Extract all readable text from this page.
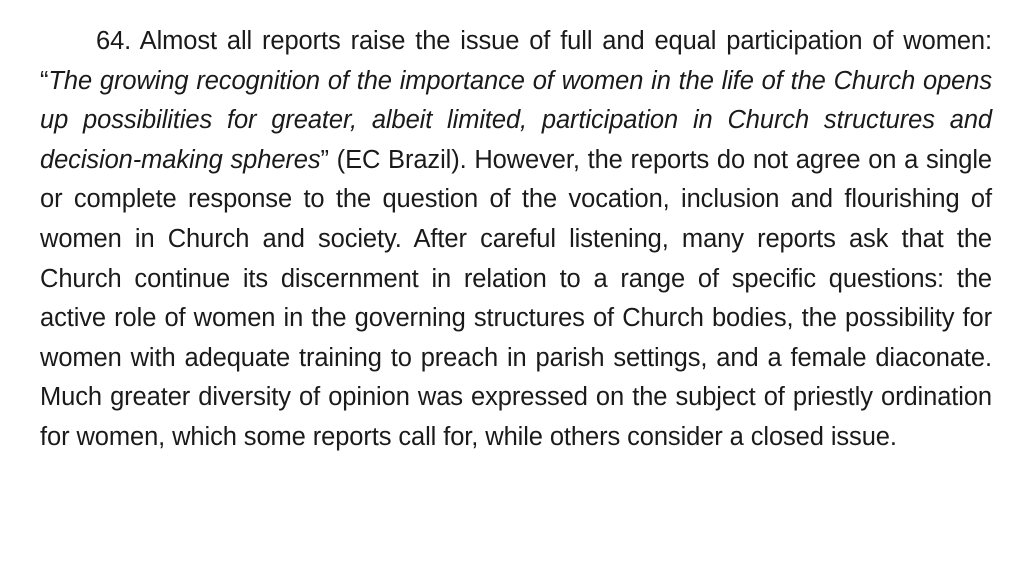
64. Almost all reports raise the issue of full and equal participation of women: “The growing recognition of the importance of women in the life of the Church opens up possibilities for greater, albeit limited, participation in Church structures and decision-making spheres” (EC Brazil). However, the reports do not agree on a single or complete response to the question of the vocation, inclusion and flourishing of women in Church and society. After careful listening, many reports ask that the Church continue its discernment in relation to a range of specific questions: the active role of women in the governing structures of Church bodies, the possibility for women with adequate training to preach in parish settings, and a female diaconate. Much greater diversity of opinion was expressed on the subject of priestly ordination for women, which some reports call for, while others consider a closed issue.
